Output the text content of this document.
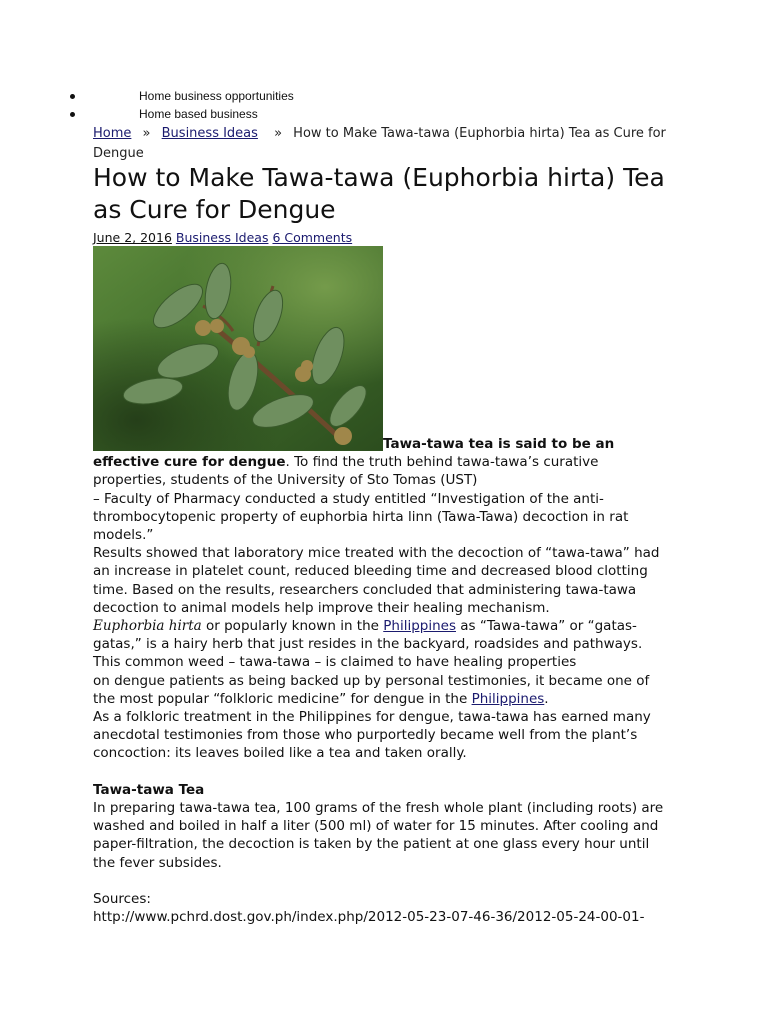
Home business opportunities
Home based business
Home » Business Ideas » How to Make Tawa-tawa (Euphorbia hirta) Tea as Cure for Dengue
How to Make Tawa-tawa (Euphorbia hirta) Tea as Cure for Dengue
June 2, 2016 Business Ideas 6 Comments

Tawa-tawa tea is said to be an

effective cure for dengue. To find the truth behind tawa-tawa’s curative properties, students of the University of Sto Tomas (UST)

– Faculty of Pharmacy conducted a study entitled “Investigation of the anti-thrombocytopenic property of euphorbia hirta linn (Tawa-Tawa) decoction in rat models.”

Results showed that laboratory mice treated with the decoction of “tawa-tawa” had an increase in platelet count, reduced bleeding time and decreased blood clotting time. Based on the results, researchers concluded that administering tawa-tawa decoction to animal models help improve their healing mechanism.

Euphorbia hirta or popularly known in the Philippines as “Tawa-tawa” or “gatas-gatas,” is a hairy herb that just resides in the backyard, roadsides and pathways.

This common weed – tawa-tawa – is claimed to have healing properties

on dengue patients as being backed up by personal testimonies, it became one of the most popular “folkloric medicine” for dengue in the Philippines.

As a folkloric treatment in the Philippines for dengue, tawa-tawa has earned many anecdotal testimonies from those who purportedly became well from the plant’s concoction: its leaves boiled like a tea and taken orally.

Tawa-tawa Tea

In preparing tawa-tawa tea, 100 grams of the fresh whole plant (including roots) are washed and boiled in half a liter (500 ml) of water for 15 minutes. After cooling and paper-filtration, the decoction is taken by the patient at one glass every hour until the fever subsides.

Sources:

http://www.pchrd.dost.gov.ph/index.php/2012-05-23-07-46-36/2012-05-24-00-01-
